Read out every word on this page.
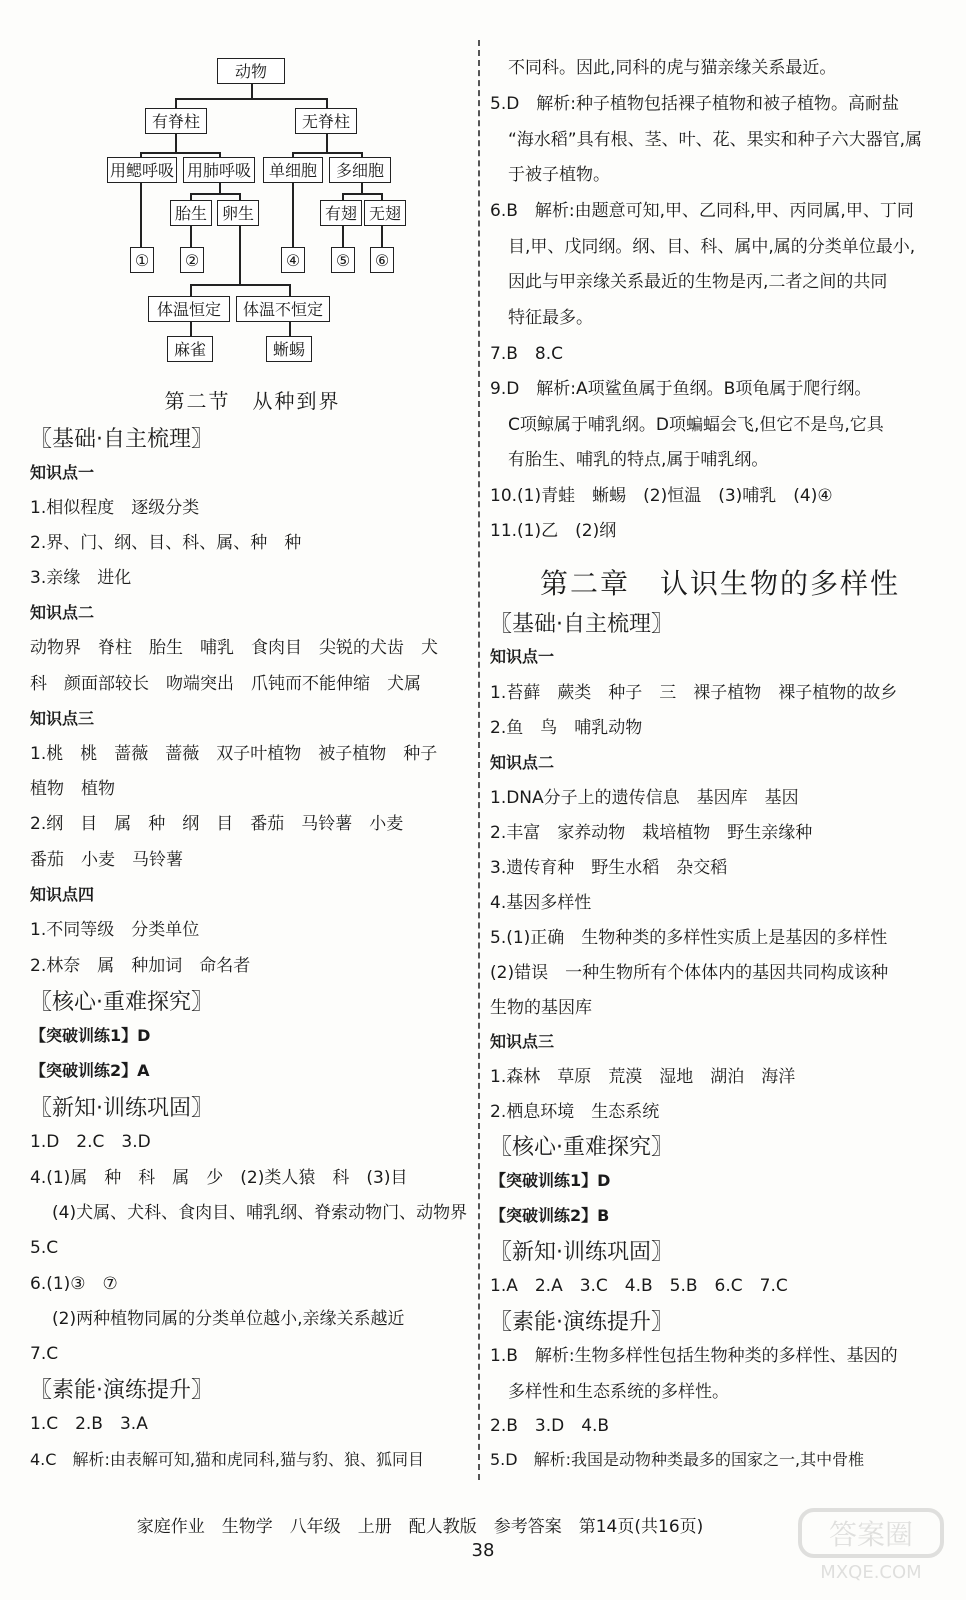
动物
有脊柱	无脊柱
用鳃呼吸 用肺呼吸	单细胞	多细胞
胎生 卵生	有翅 无翅
①	②	④	⑤	⑥
体温恒定	体温不恒定
麻雀	蜥蜴
第二节　从种到界
〖基础·自主梳理〗
知识点一
1.相似程度　逐级分类
2.界、门、纲、目、科、属、种　种
3.亲缘　进化
知识点二
动物界　脊柱　胎生　哺乳　食肉目　尖锐的犬齿　犬
科　颜面部较长　吻端突出　爪钝而不能伸缩　犬属
知识点三
1.桃　桃　蔷薇　蔷薇　双子叶植物　被子植物　种子
植物　植物
2.纲　目　属　种　纲　目　番茄　马铃薯　小麦
番茄　小麦　马铃薯
知识点四
1.不同等级　分类单位
2.林奈　属　种加词　命名者
〖核心·重难探究〗
【突破训练1】D
【突破训练2】A
〖新知·训练巩固〗
1.D　2.C　3.D
4.(1)属　种　科　属　少　(2)类人猿　科　(3)目
(4)犬属、犬科、食肉目、哺乳纲、脊索动物门、动物界
5.C
6.(1)③　⑦
(2)两种植物同属的分类单位越小,亲缘关系越近
7.C
〖素能·演练提升〗
1.C　2.B　3.A
4.C　解析:由表解可知,猫和虎同科,猫与豹、狼、狐同目
不同科。因此,同科的虎与猫亲缘关系最近。
5.D　解析:种子植物包括裸子植物和被子植物。高耐盐
“海水稻”具有根、茎、叶、花、果实和种子六大器官,属
于被子植物。
6.B　解析:由题意可知,甲、乙同科,甲、丙同属,甲、丁同
目,甲、戊同纲。纲、目、科、属中,属的分类单位最小,
因此与甲亲缘关系最近的生物是丙,二者之间的共同
特征最多。
7.B　8.C
9.D　解析:A项鲨鱼属于鱼纲。B项龟属于爬行纲。
C项鲸属于哺乳纲。D项蝙蝠会飞,但它不是鸟,它具
有胎生、哺乳的特点,属于哺乳纲。
10.(1)青蛙　蜥蜴　(2)恒温　(3)哺乳　(4)④
11.(1)乙　(2)纲
第二章　认识生物的多样性
〖基础·自主梳理〗
知识点一
1.苔藓　蕨类　种子　三　裸子植物　裸子植物的故乡
2.鱼　鸟　哺乳动物
知识点二
1.DNA分子上的遗传信息　基因库　基因
2.丰富　家养动物　栽培植物　野生亲缘种
3.遗传育种　野生水稻　杂交稻
4.基因多样性
5.(1)正确　生物种类的多样性实质上是基因的多样性
(2)错误　一种生物所有个体体内的基因共同构成该种
生物的基因库
知识点三
1.森林　草原　荒漠　湿地　湖泊　海洋
2.栖息环境　生态系统
〖核心·重难探究〗
【突破训练1】D
【突破训练2】B
〖新知·训练巩固〗
1.A　2.A　3.C　4.B　5.B　6.C　7.C
〖素能·演练提升〗
1.B　解析:生物多样性包括生物种类的多样性、基因的
多样性和生态系统的多样性。
2.B　3.D　4.B
5.D　解析:我国是动物种类最多的国家之一,其中骨椎
家庭作业　生物学　八年级　上册　配人教版　参考答案　第14页(共16页)
38	答案圈
MXQE.COM
